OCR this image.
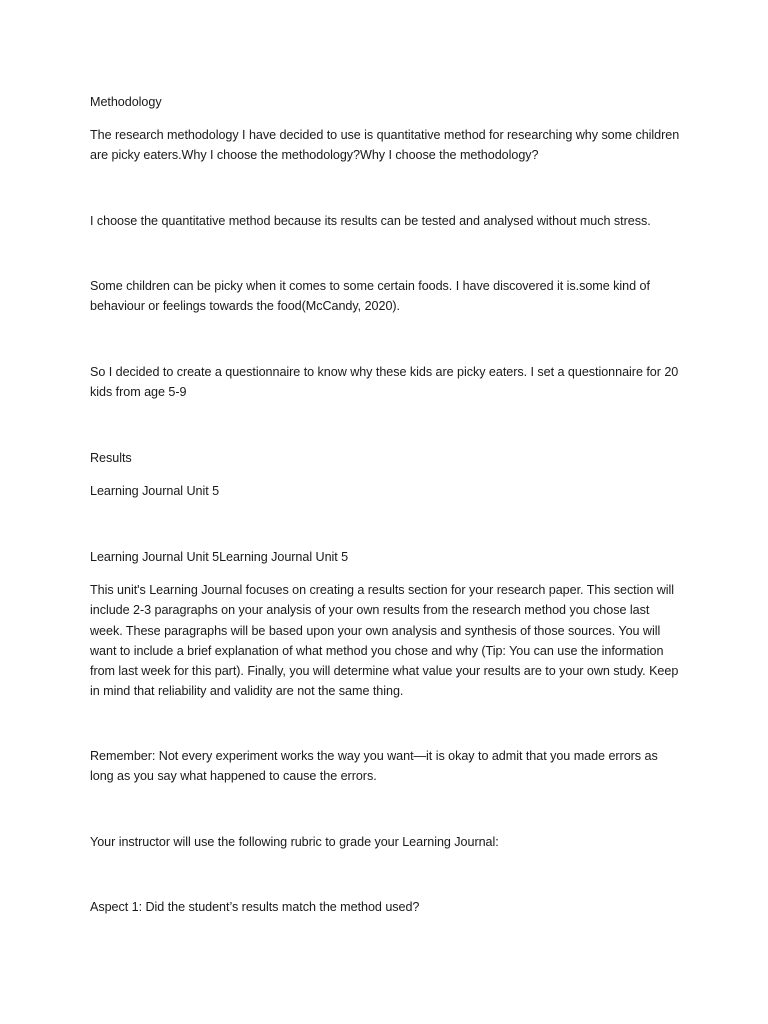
Methodology

The research methodology I have decided to use is quantitative method for researching why some children are picky eaters.Why I choose the methodology?Why I choose the methodology?

I choose the quantitative method because its results can be tested and analysed without much stress.

Some children can be picky when it comes to some certain foods. I have discovered it is.some kind of behaviour or feelings towards the food(McCandy, 2020).

So I decided to create a questionnaire to know why these kids are picky eaters. I set a questionnaire for 20 kids from age 5-9

Results

Learning Journal Unit 5

Learning Journal Unit 5Learning Journal Unit 5

This unit's Learning Journal focuses on creating a results section for your research paper. This section will include 2-3 paragraphs on your analysis of your own results from the research method you chose last week. These paragraphs will be based upon your own analysis and synthesis of those sources. You will want to include a brief explanation of what method you chose and why (Tip: You can use the information from last week for this part). Finally, you will determine what value your results are to your own study. Keep in mind that reliability and validity are not the same thing.

Remember: Not every experiment works the way you want—it is okay to admit that you made errors as long as you say what happened to cause the errors.

Your instructor will use the following rubric to grade your Learning Journal:

Aspect 1: Did the student’s results match the method used?
